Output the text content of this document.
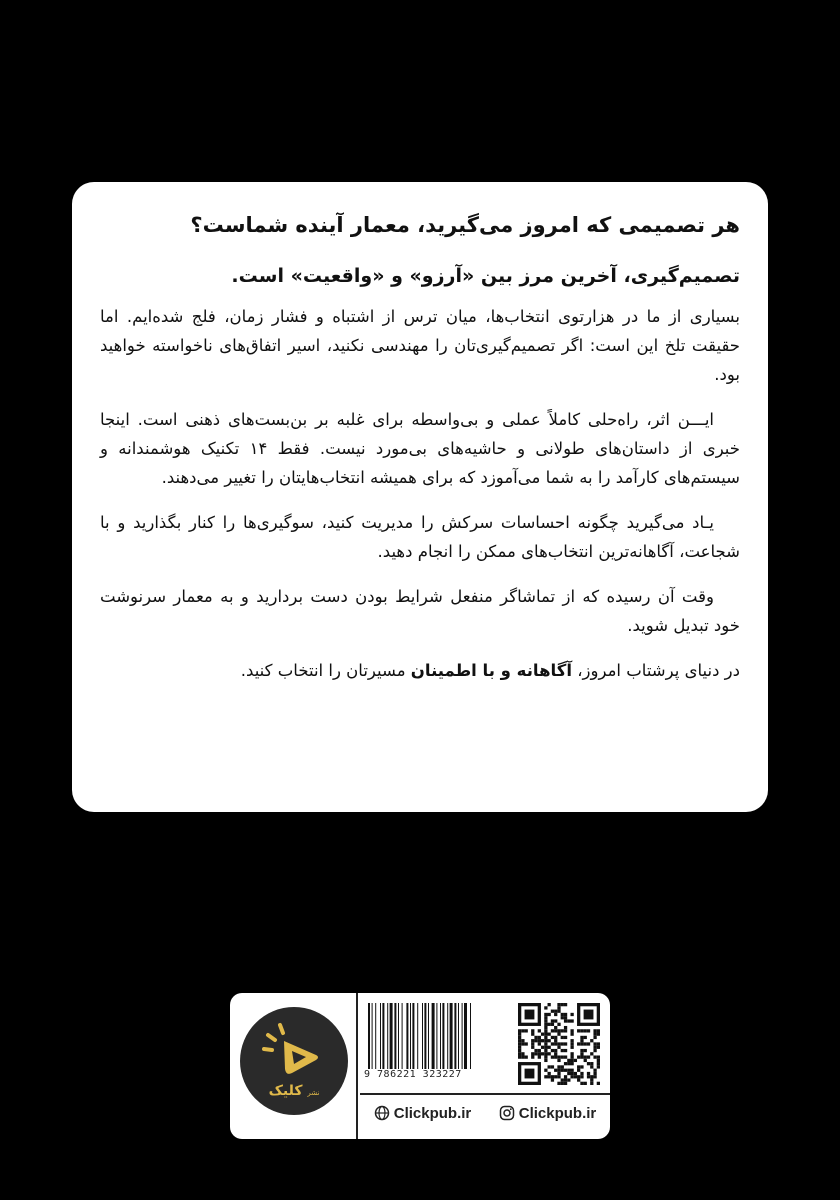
هر تصمیمی که امروز می‌گیرید، معمار آینده شماست؟
تصمیم‌گیری، آخرین مرز بین «آرزو» و «واقعیت» است.

بسیاری از ما در هزارتوی انتخاب‌ها، میان ترس از اشتباه و فشار زمان، فلج شده‌ایم. اما حقیقت تلخ این است: اگر تصمیم‌گیری‌تان را مهندسی نکنید، اسیر اتفاق‌های ناخواسته خواهید بود.

ایـــن اثر، راه‌حلی کاملاً عملی و بی‌واسطه برای غلبه بر بن‌بست‌های ذهنی است. اینجا خبری از داستان‌های طولانی و حاشیه‌های بی‌مورد نیست. فقط ۱۴ تکنیک هوشمندانه و سیستم‌های کارآمد را به شما می‌آموزد که برای همیشه انتخاب‌هایتان را تغییر می‌دهند.

یـاد می‌گیرید چگونه احساسات سرکش را مدیریت کنید، سوگیری‌ها را کنار بگذارید و با شجاعت، آگاهانه‌ترین انتخاب‌های ممکن را انجام دهید.

وقت آن رسیده که از تماشاگر منفعل شرایط بودن دست بردارید و به معمار سرنوشت خود تبدیل شوید.

در دنیای پرشتاب امروز، آگاهانه و با اطمینان مسیرتان را انتخاب کنید.

نشر کلیک
9 786221 323227
Clickpub.ir	Clickpub.ir
